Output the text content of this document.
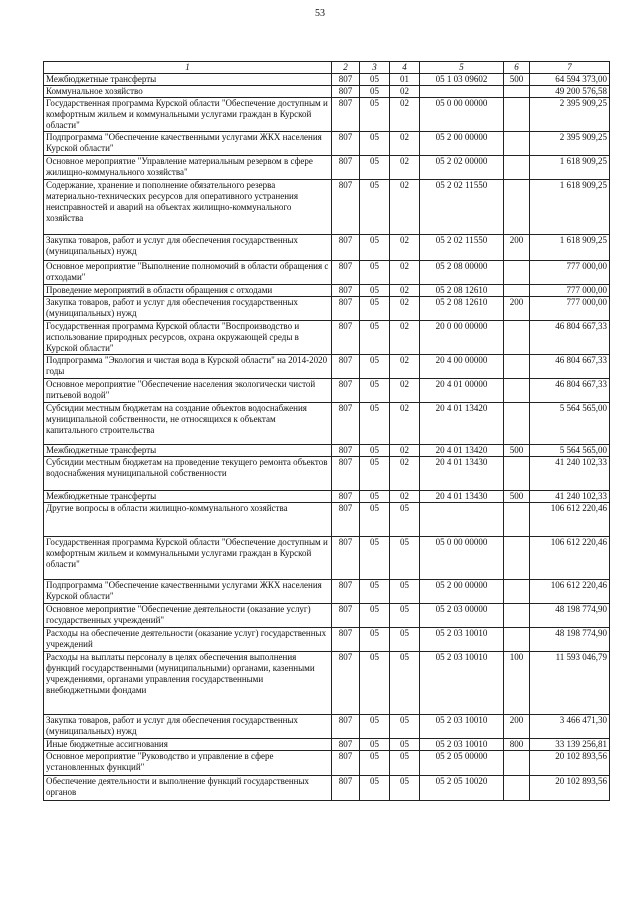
53
1	2	3	4	5	6	7
Межбюджетные трансферты	807	05	01	05 1 03 09602	500	64 594 373,00
Коммунальное хозяйство	807	05	02			49 200 576,58
Государственная программа Курской области "Обеспечение доступным и комфортным жильем и коммунальными услугами граждан в Курской области"	807	05	02	05 0 00 00000		2 395 909,25
Подпрограмма "Обеспечение качественными услугами ЖКХ населения Курской области"	807	05	02	05 2 00 00000		2 395 909,25
Основное мероприятие "Управление материальным резервом в сфере жилищно-коммунального хозяйства"	807	05	02	05 2 02 00000		1 618 909,25
Содержание, хранение и пополнение обязательного резерва материально-технических ресурсов для оперативного устранения неисправностей и аварий на объектах жилищно-коммунального хозяйства	807	05	02	05 2 02 11550		1 618 909,25
Закупка товаров, работ и услуг для обеспечения государственных (муниципальных) нужд	807	05	02	05 2 02 11550	200	1 618 909,25
Основное мероприятие "Выполнение полномочий в области обращения с отходами"	807	05	02	05 2 08 00000		777 000,00
Проведение мероприятий в области обращения с отходами	807	05	02	05 2 08 12610		777 000,00
Закупка товаров, работ и услуг для обеспечения государственных (муниципальных) нужд	807	05	02	05 2 08 12610	200	777 000,00
Государственная программа Курской области "Воспроизводство и использование природных ресурсов, охрана окружающей среды в Курской области"	807	05	02	20 0 00 00000		46 804 667,33
Подпрограмма "Экология и чистая вода в Курской области" на 2014-2020 годы	807	05	02	20 4 00 00000		46 804 667,33
Основное мероприятие "Обеспечение населения экологически чистой питьевой водой"	807	05	02	20 4 01 00000		46 804 667,33
Субсидии местным бюджетам на создание объектов водоснабжения муниципальной собственности, не относящихся к объектам капитального строительства	807	05	02	20 4 01 13420		5 564 565,00
Межбюджетные трансферты	807	05	02	20 4 01 13420	500	5 564 565,00
Субсидии местным бюджетам на проведение текущего ремонта объектов водоснабжения муниципальной собственности	807	05	02	20 4 01 13430		41 240 102,33
Межбюджетные трансферты	807	05	02	20 4 01 13430	500	41 240 102,33
Другие вопросы в области жилищно-коммунального хозяйства	807	05	05			106 612 220,46
Государственная программа Курской области "Обеспечение доступным и комфортным жильем и коммунальными услугами граждан в Курской области"	807	05	05	05 0 00 00000		106 612 220,46
Подпрограмма "Обеспечение качественными услугами ЖКХ населения Курской области"	807	05	05	05 2 00 00000		106 612 220,46
Основное мероприятие "Обеспечение деятельности (оказание услуг) государственных учреждений"	807	05	05	05 2 03 00000		48 198 774,90
Расходы на обеспечение деятельности (оказание услуг) государственных учреждений	807	05	05	05 2 03 10010		48 198 774,90
Расходы на выплаты персоналу в целях обеспечения выполнения функций государственными (муниципальными) органами, казенными учреждениями, органами управления государственными внебюджетными фондами	807	05	05	05 2 03 10010	100	11 593 046,79
Закупка товаров, работ и услуг для обеспечения государственных (муниципальных) нужд	807	05	05	05 2 03 10010	200	3 466 471,30
Иные бюджетные ассигнования	807	05	05	05 2 03 10010	800	33 139 256,81
Основное мероприятие "Руководство и управление в сфере установленных функций"	807	05	05	05 2 05 00000		20 102 893,56
Обеспечение деятельности и выполнение функций государственных органов	807	05	05	05 2 05 10020		20 102 893,56
